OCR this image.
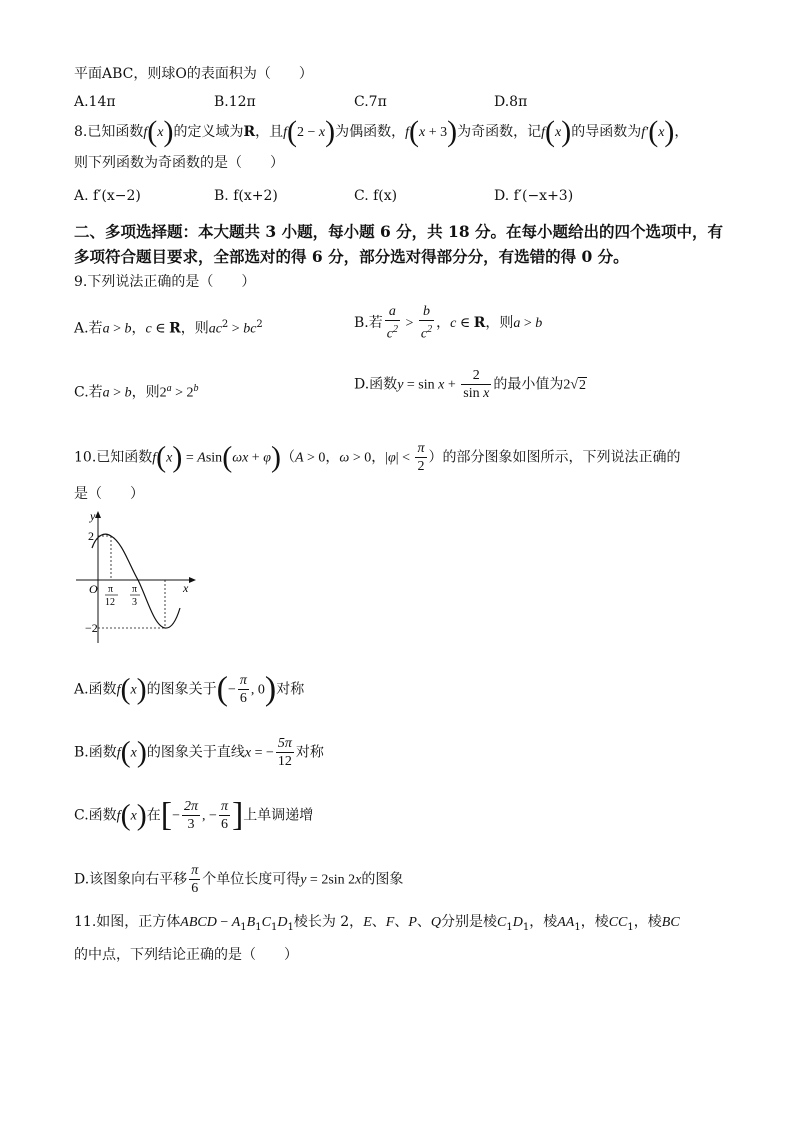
平面ABC，则球O的表面积为（　　）
A.14π	B.12π	C.7π	D.8π
8.已知函数f(x)的定义域为R，且f(2 − x)为偶函数，f(x + 3)为奇函数，记f(x)的导函数为f′(x)，
则下列函数为奇函数的是（　　）
A. f′(x−2)	B. f(x+2)	C. f(x)	D. f′(−x+3)
二、多项选择题：本大题共 3 小题，每小题 6 分，共 18 分。在每小题给出的四个选项中，有
多项符合题目要求，全部选对的得 6 分，部分选对得部分分，有选错的得 0 分。
9.下列说法正确的是（　　）
A.若a > b，c ∈ R，则$ac^2 > bc^2$	B.若 $\frac{a}{c^2} > \frac{b}{c^2}$ ，c ∈ R，则a > b
C.若a > b，则$2^a > 2^b$	D.函数$y = \sin x + \frac{2}{\text{sin x}}$ 的最小值为2√2
10.已知函数f(x) = Asin(ωx + φ)（A > 0，ω > 0，$|\varphi| < \frac{\pi}{2}$ ）的部分图象如图所示，下列说法正确的
是（　　）
y
x
O
2
−2
π
12
π
3
A.函数f(x)的图象关于(− $\frac{\pi}{6}$ , 0)对称
B.函数f(x)的图象关于直线x = − $\frac{5\pi}{12}$ 对称
C.函数f(x)在[− $\frac{2\pi}{3}$ , − $\frac{\pi}{6}$ ]上单调递增
D.该图象向右平移 $\frac{\pi}{6}$ 个单位长度可得y = 2sin 2x的图象
11.如图，正方体ABCD − $A_1B_1C_1D_1$棱长为 2，E、F、P、Q分别是棱$C_1D_1$，棱$AA_1$，棱$CC_1$，棱BC
的中点，下列结论正确的是（　　）
